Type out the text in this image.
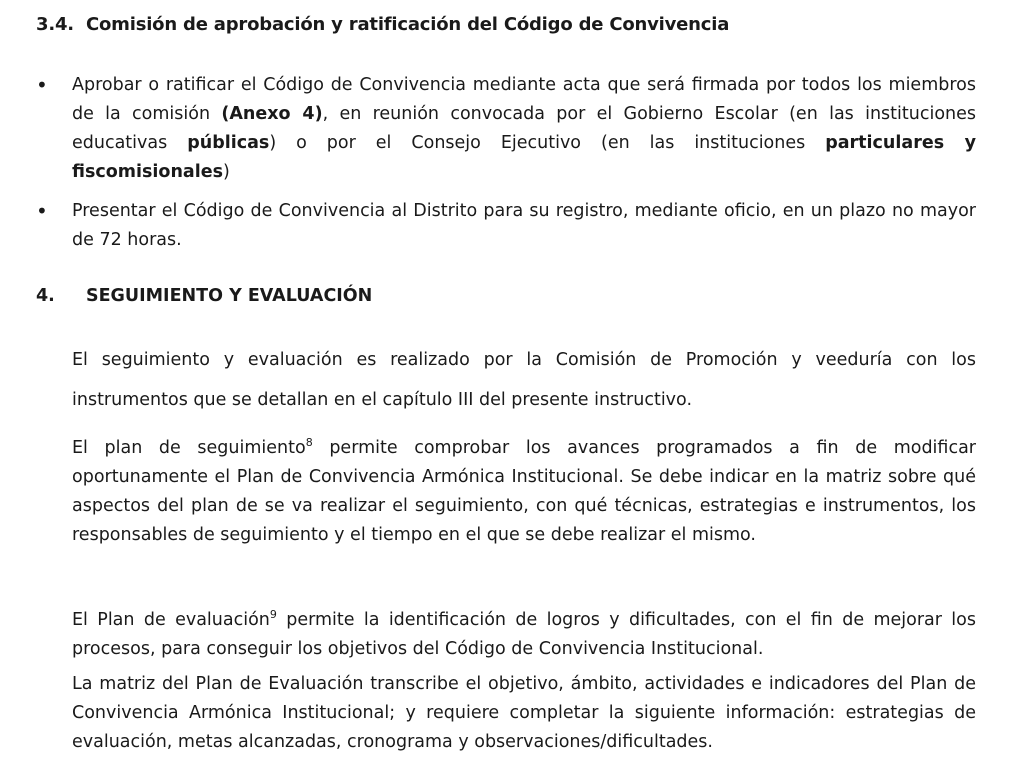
3.4. Comisión de aprobación y ratificación del Código de Convivencia
• Aprobar o ratificar el Código de Convivencia mediante acta que será firmada por todos los miembros de la comisión (Anexo 4), en reunión convocada por el Gobierno Escolar (en las instituciones educativas públicas) o por el Consejo Ejecutivo (en las instituciones particulares y fiscomisionales)
• Presentar el Código de Convivencia al Distrito para su registro, mediante oficio, en un plazo no mayor de 72 horas.
4. SEGUIMIENTO Y EVALUACIÓN
El seguimiento y evaluación es realizado por la Comisión de Promoción y veeduría con los instrumentos que se detallan en el capítulo III del presente instructivo.
El plan de seguimiento$^8$ permite comprobar los avances programados a fin de modificar oportunamente el Plan de Convivencia Armónica Institucional. Se debe indicar en la matriz sobre qué aspectos del plan de se va realizar el seguimiento, con qué técnicas, estrategias e instrumentos, los responsables de seguimiento y el tiempo en el que se debe realizar el mismo.
El Plan de evaluación$^9$ permite la identificación de logros y dificultades, con el fin de mejorar los procesos, para conseguir los objetivos del Código de Convivencia Institucional.
La matriz del Plan de Evaluación transcribe el objetivo, ámbito, actividades e indicadores del Plan de Convivencia Armónica Institucional; y requiere completar la siguiente información: estrategias de evaluación, metas alcanzadas, cronograma y observaciones/dificultades.
